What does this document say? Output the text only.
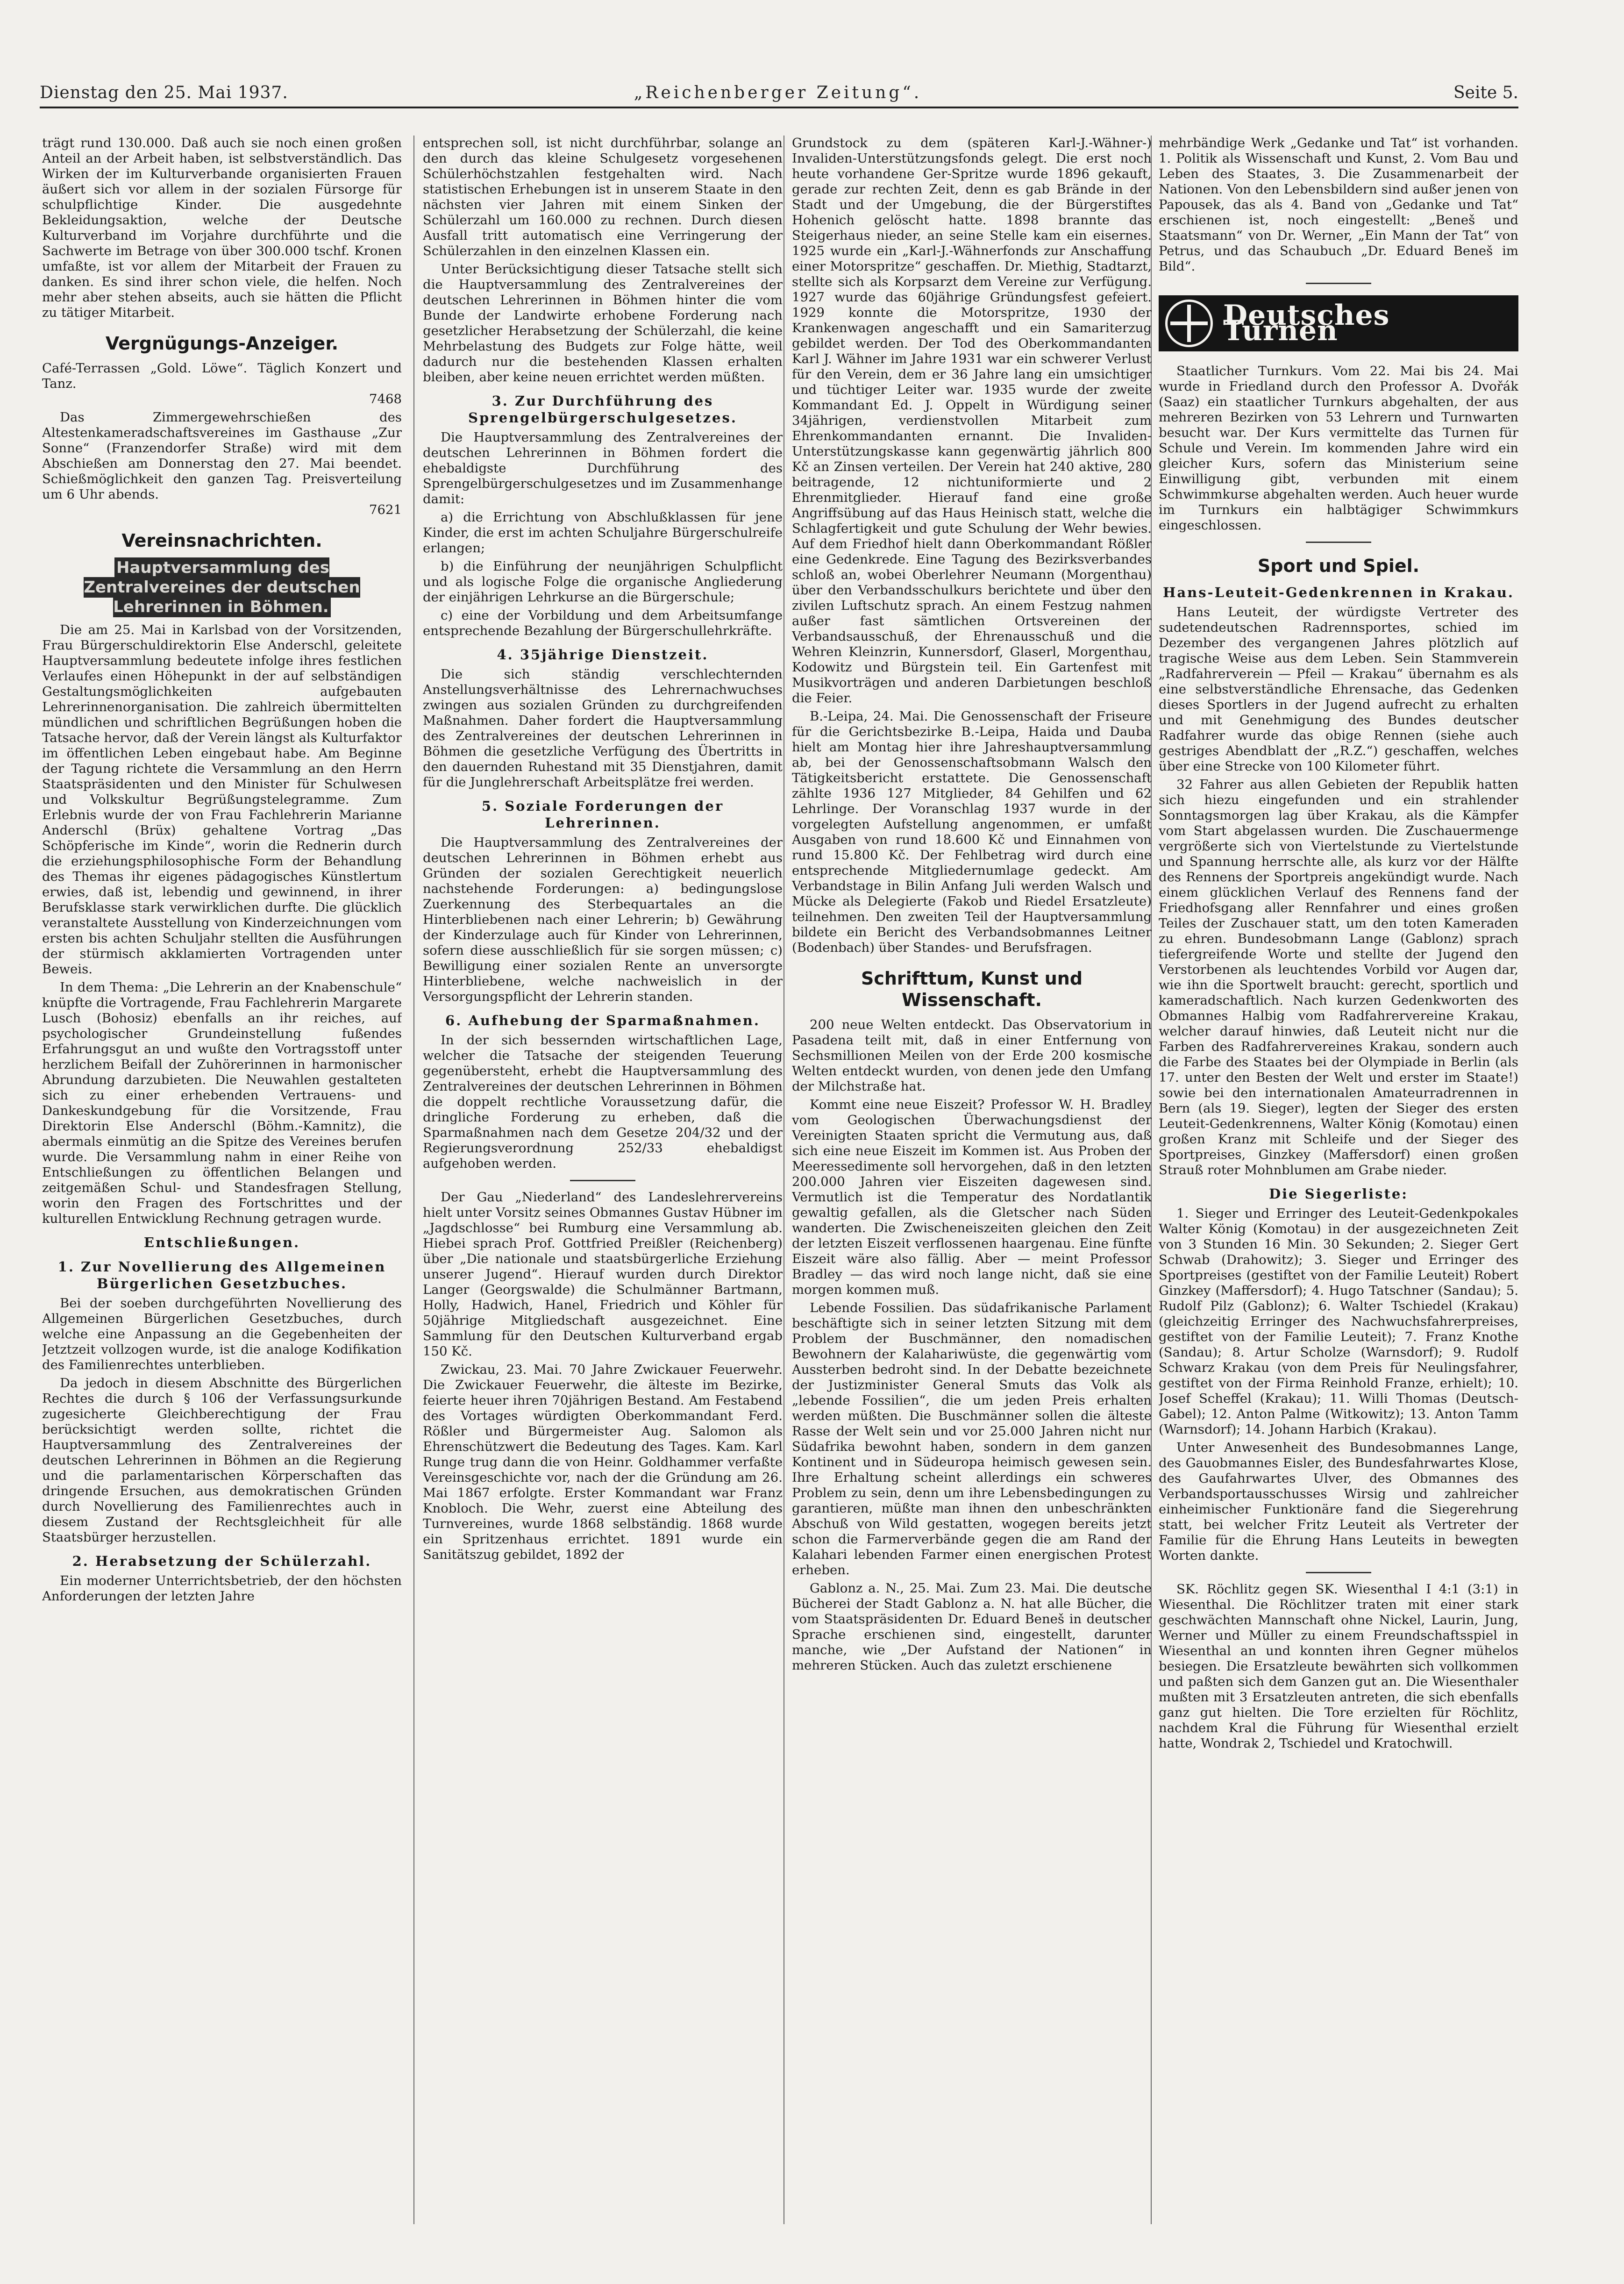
Dienstag den 25. Mai 1937.	„Reichenberger Zeitung“.	Seite 5.

trägt rund 130.000. Daß auch sie noch einen großen Anteil an der Arbeit haben, ist selbstverständlich. Das Wirken der im Kulturverbande organisierten Frauen äußert sich vor allem in der sozialen Fürsorge für schulpflichtige Kinder. Die ausgedehnte Bekleidungsaktion, welche der Deutsche Kulturverband im Vorjahre durchführte und die Sachwerte im Betrage von über 300.000 tschf. Kronen umfaßte, ist vor allem der Mitarbeit der Frauen zu danken. Es sind ihrer schon viele, die helfen. Noch mehr aber stehen abseits, auch sie hätten die Pflicht zu tätiger Mitarbeit.

Vergnügungs-Anzeiger.

Café-Terrassen „Gold. Löwe“. Täglich Konzert und Tanz.
7468

Das Zimmergewehrschießen des Altestenkameradschaftsvereines im Gasthause „Zur Sonne“ (Franzendorfer Straße) wird mit dem Abschießen am Donnerstag den 27. Mai beendet. Schießmöglichkeit den ganzen Tag. Preisverteilung um 6 Uhr abends.
7621

Vereinsnachrichten.
Hauptversammlung des Zentralvereines der deutschen Lehrerinnen in Böhmen.

Die am 25. Mai in Karlsbad von der Vorsitzenden, Frau Bürgerschuldirektorin Else Anderschl, geleitete Hauptversammlung bedeutete infolge ihres festlichen Verlaufes einen Höhepunkt in der auf selbständigen Gestaltungsmöglichkeiten aufgebauten Lehrerinnenorganisation. Die zahlreich übermittelten mündlichen und schriftlichen Begrüßungen hoben die Tatsache hervor, daß der Verein längst als Kulturfaktor im öffentlichen Leben eingebaut habe. Am Beginne der Tagung richtete die Versammlung an den Herrn Staatspräsidenten und den Minister für Schulwesen und Volkskultur Begrüßungstelegramme. Zum Erlebnis wurde der von Frau Fachlehrerin Marianne Anderschl (Brüx) gehaltene Vortrag „Das Schöpferische im Kinde“, worin die Rednerin durch die erziehungsphilosophische Form der Behandlung des Themas ihr eigenes pädagogisches Künstlertum erwies, daß ist, lebendig und gewinnend, in ihrer Berufsklasse stark verwirklichen durfte. Die glücklich veranstaltete Ausstellung von Kinderzeichnungen vom ersten bis achten Schuljahr stellten die Ausführungen der stürmisch akklamierten Vortragenden unter Beweis.

In dem Thema: „Die Lehrerin an der Knabenschule“ knüpfte die Vortragende, Frau Fachlehrerin Margarete Lusch (Bohosiz) ebenfalls an ihr reiches, auf psychologischer Grundeinstellung fußendes Erfahrungsgut an und wußte den Vortragsstoff unter herzlichem Beifall der Zuhörerinnen in harmonischer Abrundung darzubieten. Die Neuwahlen gestalteten sich zu einer erhebenden Vertrauens- und Dankeskundgebung für die Vorsitzende, Frau Direktorin Else Anderschl (Böhm.-Kamnitz), die abermals einmütig an die Spitze des Vereines berufen wurde. Die Versammlung nahm in einer Reihe von Entschließungen zu öffentlichen Belangen und zeitgemäßen Schul- und Standesfragen Stellung, worin den Fragen des Fortschrittes und der kulturellen Entwicklung Rechnung getragen wurde.

Entschließungen.
1. Zur Novellierung des Allgemeinen Bürgerlichen Gesetzbuches.

Bei der soeben durchgeführten Novellierung des Allgemeinen Bürgerlichen Gesetzbuches, durch welche eine Anpassung an die Gegebenheiten der Jetztzeit vollzogen wurde, ist die analoge Kodifikation des Familienrechtes unterblieben.

Da jedoch in diesem Abschnitte des Bürgerlichen Rechtes die durch § 106 der Verfassungsurkunde zugesicherte Gleichberechtigung der Frau berücksichtigt werden sollte, richtet die Hauptversammlung des Zentralvereines der deutschen Lehrerinnen in Böhmen an die Regierung und die parlamentarischen Körperschaften das dringende Ersuchen, aus demokratischen Gründen durch Novellierung des Familienrechtes auch in diesem Zustand der Rechtsgleichheit für alle Staatsbürger herzustellen.

2. Herabsetzung der Schülerzahl.

Ein moderner Unterrichtsbetrieb, der den höchsten Anforderungen der letzten Jahre

entsprechen soll, ist nicht durchführbar, solange an den durch das kleine Schulgesetz vorgesehenen Schülerhöchstzahlen festgehalten wird. Nach statistischen Erhebungen ist in unserem Staate in den nächsten vier Jahren mit einem Sinken der Schülerzahl um 160.000 zu rechnen. Durch diesen Ausfall tritt automatisch eine Verringerung der Schülerzahlen in den einzelnen Klassen ein.

Unter Berücksichtigung dieser Tatsache stellt sich die Hauptversammlung des Zentralvereines der deutschen Lehrerinnen in Böhmen hinter die vom Bunde der Landwirte erhobene Forderung nach gesetzlicher Herabsetzung der Schülerzahl, die keine Mehrbelastung des Budgets zur Folge hätte, weil dadurch nur die bestehenden Klassen erhalten bleiben, aber keine neuen errichtet werden müßten.

3. Zur Durchführung des Sprengelbürgerschulgesetzes.

Die Hauptversammlung des Zentralvereines der deutschen Lehrerinnen in Böhmen fordert die ehebaldigste Durchführung des Sprengelbürgerschulgesetzes und im Zusammenhange damit:

a) die Errichtung von Abschlußklassen für jene Kinder, die erst im achten Schuljahre Bürgerschulreife erlangen;

b) die Einführung der neunjährigen Schulpflicht und als logische Folge die organische Angliederung der einjährigen Lehrkurse an die Bürgerschule;

c) eine der Vorbildung und dem Arbeitsumfange entsprechende Bezahlung der Bürgerschullehrkräfte.

4. 35jährige Dienstzeit.

Die sich ständig verschlechternden Anstellungsverhältnisse des Lehrernachwuchses zwingen aus sozialen Gründen zu durchgreifenden Maßnahmen. Daher fordert die Hauptversammlung des Zentralvereines der deutschen Lehrerinnen in Böhmen die gesetzliche Verfügung des Übertritts in den dauernden Ruhestand mit 35 Dienstjahren, damit für die Junglehrerschaft Arbeitsplätze frei werden.

5. Soziale Forderungen der Lehrerinnen.

Die Hauptversammlung des Zentralvereines der deutschen Lehrerinnen in Böhmen erhebt aus Gründen der sozialen Gerechtigkeit neuerlich nachstehende Forderungen: a) bedingungslose Zuerkennung des Sterbequartales an die Hinterbliebenen nach einer Lehrerin; b) Gewährung der Kinderzulage auch für Kinder von Lehrerinnen, sofern diese ausschließlich für sie sorgen müssen; c) Bewilligung einer sozialen Rente an unversorgte Hinterbliebene, welche nachweislich in der Versorgungspflicht der Lehrerin standen.

6. Aufhebung der Sparmaßnahmen.

In der sich bessernden wirtschaftlichen Lage, welcher die Tatsache der steigenden Teuerung gegenübersteht, erhebt die Hauptversammlung des Zentralvereines der deutschen Lehrerinnen in Böhmen die doppelt rechtliche Voraussetzung dafür, die dringliche Forderung zu erheben, daß die Sparmaßnahmen nach dem Gesetze 204/32 und der Regierungsverordnung 252/33 ehebaldigst aufgehoben werden.

Der Gau „Niederland“ des Landeslehrervereins hielt unter Vorsitz seines Obmannes Gustav Hübner im „Jagdschlosse“ bei Rumburg eine Versammlung ab. Hiebei sprach Prof. Gottfried Preißler (Reichenberg) über „Die nationale und staatsbürgerliche Erziehung unserer Jugend“. Hierauf wurden durch Direktor Langer (Georgswalde) die Schulmänner Bartmann, Holly, Hadwich, Hanel, Friedrich und Köhler für 50jährige Mitgliedschaft ausgezeichnet. Eine Sammlung für den Deutschen Kulturverband ergab 150 Kč.

Zwickau, 23. Mai. 70 Jahre Zwickauer Feuerwehr. Die Zwickauer Feuerwehr, die älteste im Bezirke, feierte heuer ihren 70jährigen Bestand. Am Festabend des Vortages würdigten Oberkommandant Ferd. Rößler und Bürgermeister Aug. Salomon als Ehrenschützwert die Bedeutung des Tages. Kam. Karl Runge trug dann die von Heinr. Goldhammer verfaßte Vereinsgeschichte vor, nach der die Gründung am 26. Mai 1867 erfolgte. Erster Kommandant war Franz Knobloch. Die Wehr, zuerst eine Abteilung des Turnvereines, wurde 1868 selbständig. 1868 wurde ein Spritzenhaus errichtet. 1891 wurde ein Sanitätszug gebildet, 1892 der

Grundstock zu dem (späteren Karl-J.-Wähner-) Invaliden-Unterstützungsfonds gelegt. Die erst noch heute vorhandene Ger-Spritze wurde 1896 gekauft, gerade zur rechten Zeit, denn es gab Brände in der Stadt und der Umgebung, die der Bürgerstiftes Hohenich gelöscht hatte. 1898 brannte das Steigerhaus nieder, an seine Stelle kam ein eisernes. 1925 wurde ein „Karl-J.-Wähnerfonds zur Anschaffung einer Motorspritze“ geschaffen. Dr. Miethig, Stadtarzt, stellte sich als Korpsarzt dem Vereine zur Verfügung. 1927 wurde das 60jährige Gründungsfest gefeiert. 1929 konnte die Motorspritze, 1930 der Krankenwagen angeschafft und ein Samariterzug gebildet werden. Der Tod des Oberkommandanten Karl J. Wähner im Jahre 1931 war ein schwerer Verlust für den Verein, dem er 36 Jahre lang ein umsichtiger und tüchtiger Leiter war. 1935 wurde der zweite Kommandant Ed. J. Oppelt in Würdigung seiner 34jährigen, verdienstvollen Mitarbeit zum Ehrenkommandanten ernannt. Die Invaliden-Unterstützungskasse kann gegenwärtig jährlich 800 Kč an Zinsen verteilen. Der Verein hat 240 aktive, 280 beitragende, 12 nichtuniformierte und 2 Ehrenmitglieder. Hierauf fand eine große Angriffsübung auf das Haus Heinisch statt, welche die Schlagfertigkeit und gute Schulung der Wehr bewies. Auf dem Friedhof hielt dann Oberkommandant Rößler eine Gedenkrede. Eine Tagung des Bezirksverbandes schloß an, wobei Oberlehrer Neumann (Morgenthau) über den Verbandsschulkurs berichtete und über den zivilen Luftschutz sprach. An einem Festzug nahmen außer fast sämtlichen Ortsvereinen der Verbandsausschuß, der Ehrenausschuß und die Wehren Kleinzrin, Kunnersdorf, Glaserl, Morgenthau, Kodowitz und Bürgstein teil. Ein Gartenfest mit Musikvorträgen und anderen Darbietungen beschloß die Feier.

B.-Leipa, 24. Mai. Die Genossenschaft der Friseure für die Gerichtsbezirke B.-Leipa, Haida und Dauba hielt am Montag hier ihre Jahreshauptversammlung ab, bei der Genossenschaftsobmann Walsch den Tätigkeitsbericht erstattete. Die Genossenschaft zählte 1936 127 Mitglieder, 84 Gehilfen und 62 Lehrlinge. Der Voranschlag 1937 wurde in der vorgelegten Aufstellung angenommen, er umfaßt Ausgaben von rund 18.600 Kč und Einnahmen von rund 15.800 Kč. Der Fehlbetrag wird durch eine entsprechende Mitgliedernumlage gedeckt. Am Verbandstage in Bilin Anfang Juli werden Walsch und Mücke als Delegierte (Fakob und Riedel Ersatzleute) teilnehmen. Den zweiten Teil der Hauptversammlung bildete ein Bericht des Verbandsobmannes Leitner (Bodenbach) über Standes- und Berufsfragen.

Schrifttum, Kunst und Wissenschaft.

200 neue Welten entdeckt. Das Observatorium in Pasadena teilt mit, daß in einer Entfernung von Sechsmillionen Meilen von der Erde 200 kosmische Welten entdeckt wurden, von denen jede den Umfang der Milchstraße hat.

Kommt eine neue Eiszeit? Professor W. H. Bradley vom Geologischen Überwachungsdienst der Vereinigten Staaten spricht die Vermutung aus, daß sich eine neue Eiszeit im Kommen ist. Aus Proben der Meeressedimente soll hervorgehen, daß in den letzten 200.000 Jahren vier Eiszeiten dagewesen sind. Vermutlich ist die Temperatur des Nordatlantik gewaltig gefallen, als die Gletscher nach Süden wanderten. Die Zwischeneiszeiten gleichen den Zeit der letzten Eiszeit verflossenen haargenau. Eine fünfte Eiszeit wäre also fällig. Aber — meint Professor Bradley — das wird noch lange nicht, daß sie eine morgen kommen muß.

Lebende Fossilien. Das südafrikanische Parlament beschäftigte sich in seiner letzten Sitzung mit dem Problem der Buschmänner, den nomadischen Bewohnern der Kalahariwüste, die gegenwärtig vom Aussterben bedroht sind. In der Debatte bezeichnete der Justizminister General Smuts das Volk als „lebende Fossilien“, die um jeden Preis erhalten werden müßten. Die Buschmänner sollen die älteste Rasse der Welt sein und vor 25.000 Jahren nicht nur Südafrika bewohnt haben, sondern in dem ganzen Kontinent und in Südeuropa heimisch gewesen sein. Ihre Erhaltung scheint allerdings ein schweres Problem zu sein, denn um ihre Lebensbedingungen zu garantieren, müßte man ihnen den unbeschränkten Abschuß von Wild gestatten, wogegen bereits jetzt schon die Farmerverbände gegen die am Rand der Kalahari lebenden Farmer einen energischen Protest erheben.

Gablonz a. N., 25. Mai. Zum 23. Mai. Die deutsche Bücherei der Stadt Gablonz a. N. hat alle Bücher, die vom Staatspräsidenten Dr. Eduard Beneš in deutscher Sprache erschienen sind, eingestellt, darunter manche, wie „Der Aufstand der Nationen“ in mehreren Stücken. Auch das zuletzt erschienene

mehrbändige Werk „Gedanke und Tat“ ist vorhanden. 1. Politik als Wissenschaft und Kunst, 2. Vom Bau und Leben des Staates, 3. Die Zusammenarbeit der Nationen. Von den Lebensbildern sind außer jenen von Papousek, das als 4. Band von „Gedanke und Tat“ erschienen ist, noch eingestellt: „Beneš und Staatsmann“ von Dr. Werner, „Ein Mann der Tat“ von Petrus, und das Schaubuch „Dr. Eduard Beneš im Bild“.

Deutsches Turnen

Staatlicher Turnkurs. Vom 22. Mai bis 24. Mai wurde in Friedland durch den Professor A. Dvořák (Saaz) ein staatlicher Turnkurs abgehalten, der aus mehreren Bezirken von 53 Lehrern und Turnwarten besucht war. Der Kurs vermittelte das Turnen für Schule und Verein. Im kommenden Jahre wird ein gleicher Kurs, sofern das Ministerium seine Einwilligung gibt, verbunden mit einem Schwimmkurse abgehalten werden. Auch heuer wurde im Turnkurs ein halbtägiger Schwimmkurs eingeschlossen.

Sport und Spiel.
Hans-Leuteit-Gedenkrennen in Krakau.

Hans Leuteit, der würdigste Vertreter des sudetendeutschen Radrennsportes, schied im Dezember des vergangenen Jahres plötzlich auf tragische Weise aus dem Leben. Sein Stammverein „Radfahrerverein — Pfeil — Krakau“ übernahm es als eine selbstverständliche Ehrensache, das Gedenken dieses Sportlers in der Jugend aufrecht zu erhalten und mit Genehmigung des Bundes deutscher Radfahrer wurde das obige Rennen (siehe auch gestriges Abendblatt der „R.Z.“) geschaffen, welches über eine Strecke von 100 Kilometer führt.

32 Fahrer aus allen Gebieten der Republik hatten sich hiezu eingefunden und ein strahlender Sonntagsmorgen lag über Krakau, als die Kämpfer vom Start abgelassen wurden. Die Zuschauermenge vergrößerte sich von Viertelstunde zu Viertelstunde und Spannung herrschte alle, als kurz vor der Hälfte des Rennens der Sportpreis angekündigt wurde. Nach einem glücklichen Verlauf des Rennens fand der Friedhofsgang aller Rennfahrer und eines großen Teiles der Zuschauer statt, um den toten Kameraden zu ehren. Bundesobmann Lange (Gablonz) sprach tiefergreifende Worte und stellte der Jugend den Verstorbenen als leuchtendes Vorbild vor Augen dar, wie ihn die Sportwelt braucht: gerecht, sportlich und kameradschaftlich. Nach kurzen Gedenkworten des Obmannes Halbig vom Radfahrervereine Krakau, welcher darauf hinwies, daß Leuteit nicht nur die Farben des Radfahrervereines Krakau, sondern auch die Farbe des Staates bei der Olympiade in Berlin (als 17. unter den Besten der Welt und erster im Staate!) sowie bei den internationalen Amateurradrennen in Bern (als 19. Sieger), legten der Sieger des ersten Leuteit-Gedenkrennens, Walter König (Komotau) einen großen Kranz mit Schleife und der Sieger des Sportpreises, Ginzkey (Maffersdorf) einen großen Strauß roter Mohnblumen am Grabe nieder.

Die Siegerliste:

1. Sieger und Erringer des Leuteit-Gedenkpokales Walter König (Komotau) in der ausgezeichneten Zeit von 3 Stunden 16 Min. 30 Sekunden; 2. Sieger Gert Schwab (Drahowitz); 3. Sieger und Erringer des Sportpreises (gestiftet von der Familie Leuteit) Robert Ginzkey (Maffersdorf); 4. Hugo Tatschner (Sandau); 5. Rudolf Pilz (Gablonz); 6. Walter Tschiedel (Krakau) (gleichzeitig Erringer des Nachwuchsfahrerpreises, gestiftet von der Familie Leuteit); 7. Franz Knothe (Sandau); 8. Artur Scholze (Warnsdorf); 9. Rudolf Schwarz Krakau (von dem Preis für Neulingsfahrer, gestiftet von der Firma Reinhold Franze, erhielt); 10. Josef Scheffel (Krakau); 11. Willi Thomas (Deutsch-Gabel); 12. Anton Palme (Witkowitz); 13. Anton Tamm (Warnsdorf); 14. Johann Harbich (Krakau).

Unter Anwesenheit des Bundesobmannes Lange, des Gauobmannes Eisler, des Bundesfahrwartes Klose, des Gaufahrwartes Ulver, des Obmannes des Verbandsportausschusses Wirsig und zahlreicher einheimischer Funktionäre fand die Siegerehrung statt, bei welcher Fritz Leuteit als Vertreter der Familie für die Ehrung Hans Leuteits in bewegten Worten dankte.

SK. Röchlitz gegen SK. Wiesenthal I 4:1 (3:1) in Wiesenthal. Die Röchlitzer traten mit einer stark geschwächten Mannschaft ohne Nickel, Laurin, Jung, Werner und Müller zu einem Freundschaftsspiel in Wiesenthal an und konnten ihren Gegner mühelos besiegen. Die Ersatzleute bewährten sich vollkommen und paßten sich dem Ganzen gut an. Die Wiesenthaler mußten mit 3 Ersatzleuten antreten, die sich ebenfalls ganz gut hielten. Die Tore erzielten für Röchlitz, nachdem Kral die Führung für Wiesenthal erzielt hatte, Wondrak 2, Tschiedel und Kratochwill.
